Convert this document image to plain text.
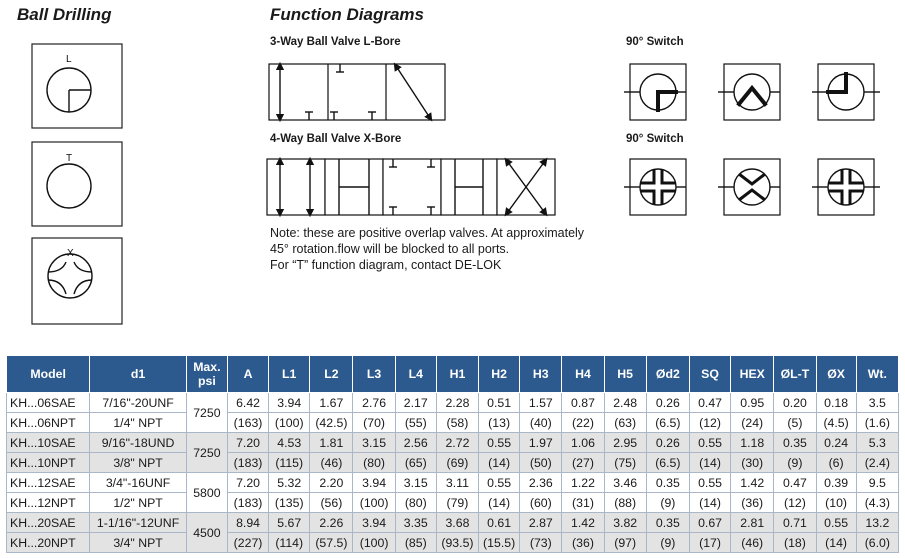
Ball Drilling	Function Diagrams
L
T
X
3-Way Ball Valve L-Bore	90° Switch
4-Way Ball Valve X-Bore	90° Switch
Note: these are positive overlap valves. At approximately
45° rotation.flow will be blocked to all ports.
For “T” function diagram, contact DE-LOK
Model	d1	Max.
psi	A	L1	L2	L3	L4	H1	H2	H3	H4	H5	Ød2	SQ	HEX	ØL-T	ØX	Wt.
KH...06SAE	7/16"-20UNF	7250	6.42	3.94	1.67	2.76	2.17	2.28	0.51	1.57	0.87	2.48	0.26	0.47	0.95	0.20	0.18	3.5
KH...06NPT	1/4" NPT		(163)	(100)	(42.5)	(70)	(55)	(58)	(13)	(40)	(22)	(63)	(6.5)	(12)	(24)	(5)	(4.5)	(1.6)
KH...10SAE	9/16"-18UND	7250	7.20	4.53	1.81	3.15	2.56	2.72	0.55	1.97	1.06	2.95	0.26	0.55	1.18	0.35	0.24	5.3
KH...10NPT	3/8" NPT		(183)	(115)	(46)	(80)	(65)	(69)	(14)	(50)	(27)	(75)	(6.5)	(14)	(30)	(9)	(6)	(2.4)
KH...12SAE	3/4"-16UNF	5800	7.20	5.32	2.20	3.94	3.15	3.11	0.55	2.36	1.22	3.46	0.35	0.55	1.42	0.47	0.39	9.5
KH...12NPT	1/2" NPT		(183)	(135)	(56)	(100)	(80)	(79)	(14)	(60)	(31)	(88)	(9)	(14)	(36)	(12)	(10)	(4.3)
KH...20SAE	1-1/16"-12UNF	4500	8.94	5.67	2.26	3.94	3.35	3.68	0.61	2.87	1.42	3.82	0.35	0.67	2.81	0.71	0.55	13.2
KH...20NPT	3/4" NPT		(227)	(114)	(57.5)	(100)	(85)	(93.5)	(15.5)	(73)	(36)	(97)	(9)	(17)	(46)	(18)	(14)	(6.0)
